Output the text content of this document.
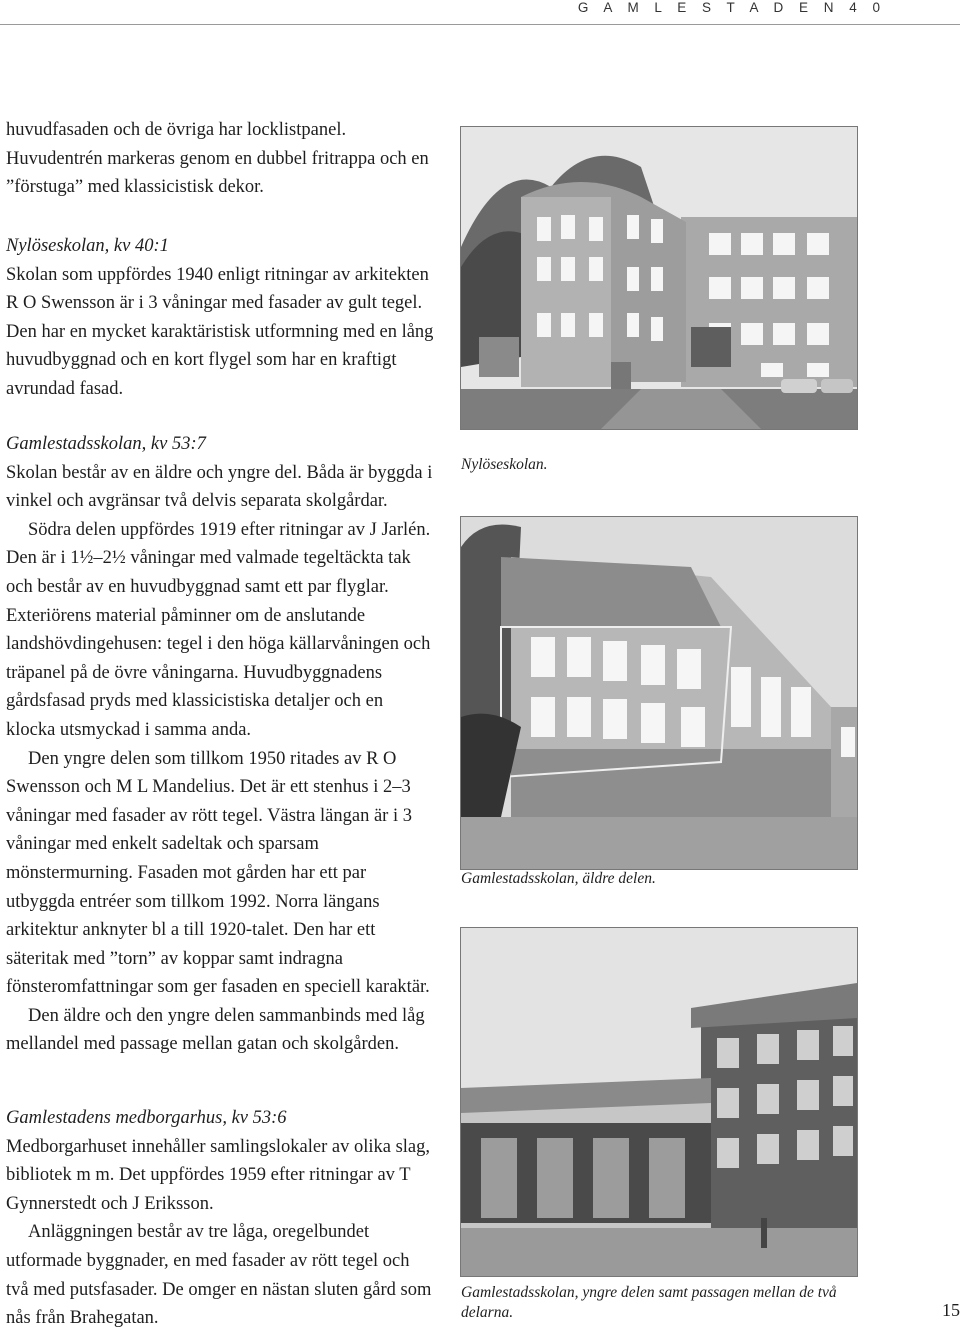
G A M L E S T A D E N 4 0

huvudfasaden och de övriga har locklistpanel. Huvudentrén markeras genom en dubbel fritrappa och en ”förstuga” med klassicistisk dekor.

Nylöseskolan, kv 40:1
Skolan som uppfördes 1940 enligt ritningar av arkitekten R O Swensson är i 3 våningar med fasader av gult tegel. Den har en mycket karaktäristisk utformning med en lång huvudbyggnad och en kort flygel som har en kraftigt avrundad fasad.

Gamlestadsskolan, kv 53:7
Skolan består av en äldre och yngre del. Båda är byggda i vinkel och avgränsar två delvis separata skolgårdar.
Södra delen uppfördes 1919 efter ritningar av J Jarlén. Den är i 1½–2½ våningar med valmade tegeltäckta tak och består av en huvudbyggnad samt ett par flyglar. Exteriörens material påminner om de anslutande landshövdingehusen: tegel i den höga källarvåningen och träpanel på de övre våningarna. Huvudbyggnadens gårdsfasad pryds med klassicistiska detaljer och en klocka utsmyckad i samma anda.
Den yngre delen som tillkom 1950 ritades av R O Swensson och M L Mandelius. Det är ett stenhus i 2–3 våningar med fasader av rött tegel. Västra längan är i 3 våningar med enkelt sadeltak och sparsam mönstermurning. Fasaden mot gården har ett par utbyggda entréer som tillkom 1992. Norra längans arkitektur anknyter bl a till 1920-talet. Den har ett säteritak med ”torn” av koppar samt indragna fönsteromfattningar som ger fasaden en speciell karaktär.
Den äldre och den yngre delen sammanbinds med låg mellandel med passage mellan gatan och skolgården.

Gamlestadens medborgarhus, kv 53:6
Medborgarhuset innehåller samlingslokaler av olika slag, bibliotek m m. Det uppfördes 1959 efter ritningar av T Gynnerstedt och J Eriksson.
Anläggningen består av tre låga, oregelbundet utformade byggnader, en med fasader av rött tegel och två med putsfasader. De omger en nästan sluten gård som nås från Brahegatan.

Nylöseskolan.

Gamlestadsskolan, äldre delen.

Gamlestadsskolan, yngre delen samt passagen mellan de två delarna.	15
